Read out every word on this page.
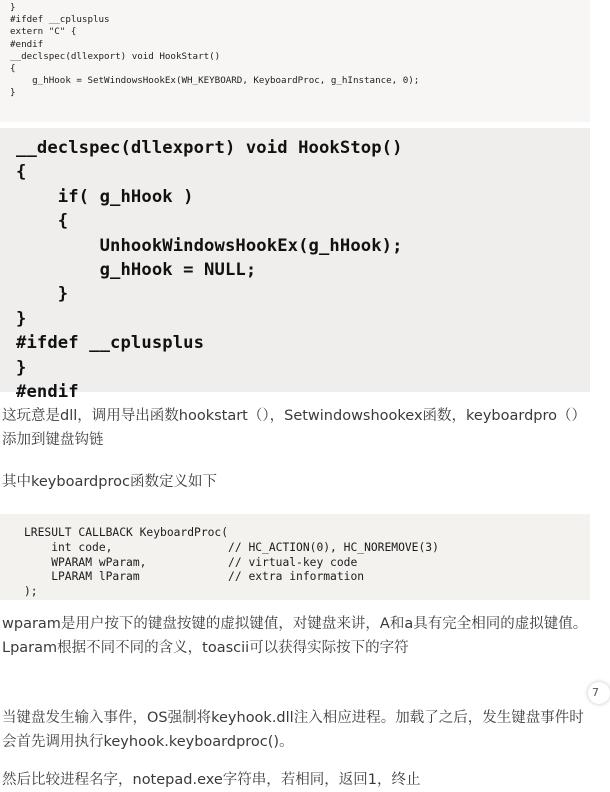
}
#ifdef __cplusplus
extern "C" {
#endif
__declspec(dllexport) void HookStart()
{
g_hHook = SetWindowsHookEx(WH_KEYBOARD, KeyboardProc, g_hInstance, 0);
}
__declspec(dllexport) void HookStop()
{
if( g_hHook )
{
UnhookWindowsHookEx(g_hHook);
g_hHook = NULL;
}
}
#ifdef __cplusplus
}
#endif

这玩意是dll，调用导出函数hookstart（），Setwindowshookex函数，keyboardpro（）添加到键盘钩链

其中keyboardproc函数定义如下

LRESULT CALLBACK KeyboardProc(
int code,                 // HC_ACTION(0), HC_NOREMOVE(3)
WPARAM wParam,            // virtual-key code
LPARAM lParam             // extra information
);

wparam是用户按下的键盘按键的虚拟键值，对键盘来讲，A和a具有完全相同的虚拟键值。Lparam根据不同不同的含义，toascii可以获得实际按下的字符

当键盘发生输入事件，OS强制将keyhook.dll注入相应进程。加载了之后，发生键盘事件时会首先调用执行keyhook.keyboardproc()。

然后比较进程名字，notepad.exe字符串，若相同，返回1，终止

7
